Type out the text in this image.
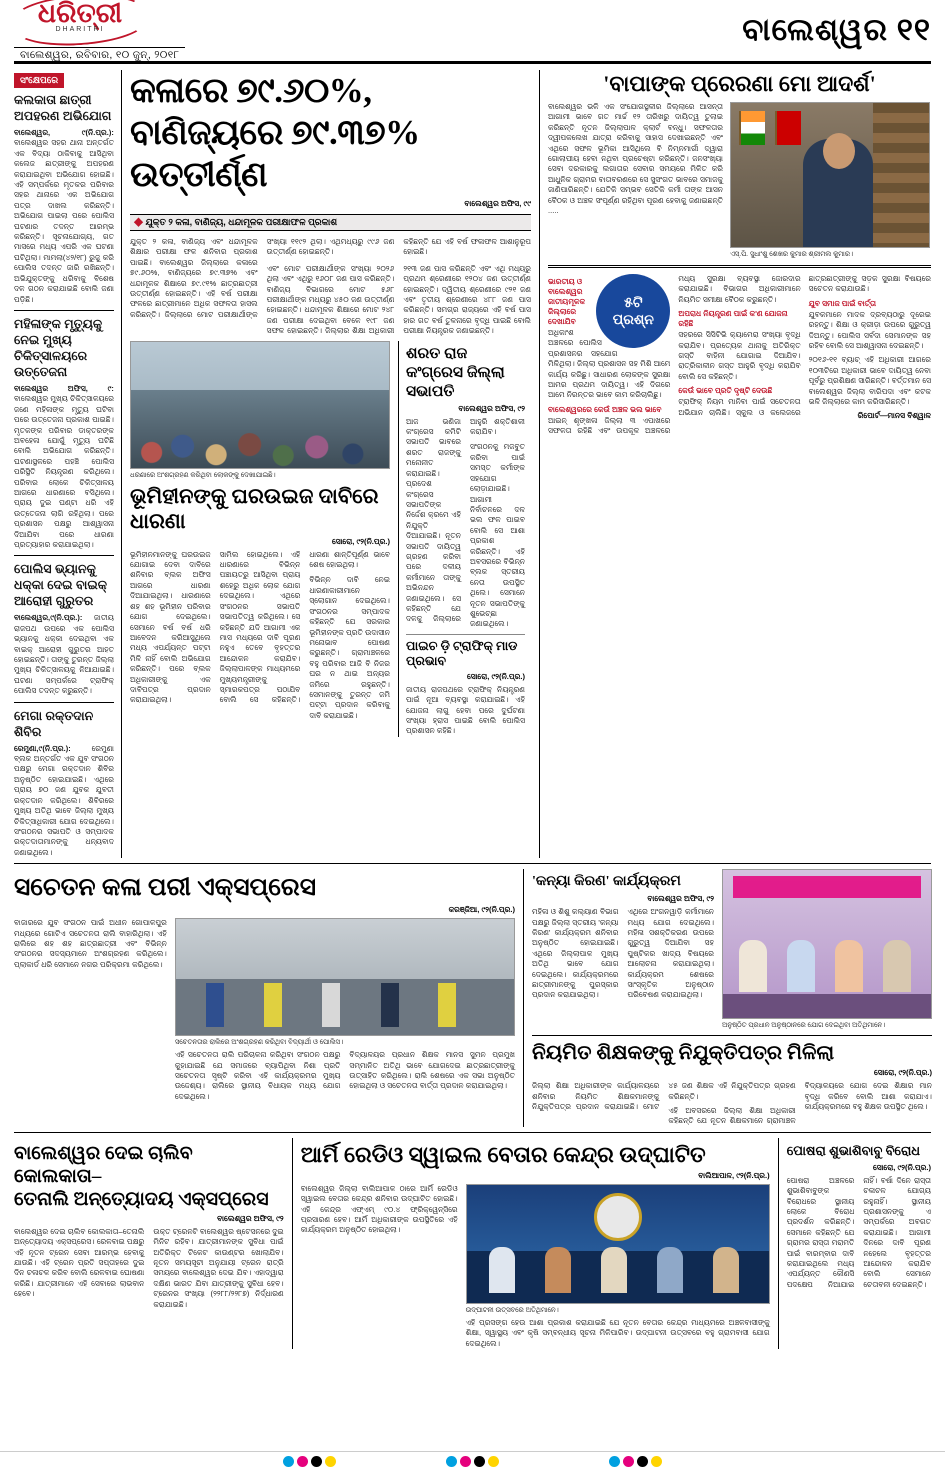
ଧରିତ୍ରୀ
DHARITRI
ବାଲେଶ୍ୱର, ରବିବାର, ୧୦ ଜୁନ୍‌, ୨୦୧୮
ବାଲେଶ୍ୱର ୧୧
ସଂକ୍ଷେପରେ
କଲକାତା ଛାତ୍ରୀ ଅପହରଣ ଅଭିଯୋଗ
ବାଲେଶ୍ୱର, ୯(ନି.ପ୍ର.): ବାଲେଶ୍ୱର ସହର ଥାନା ଅନ୍ତର୍ଗତ ଏକ ବିଦ୍ୟା ଠାକିବାକୁ ଆସିଥିବା କଲେଜ ଛାତ୍ରୀଙ୍କୁ ଅପହରଣ କରାଯାଇଥିବା ଅଭିଯୋଗ ହୋଇଛି। ଏହି ସମ୍ପର୍କରେ ମୃତକର ପରିବାର ସହର ଥାନାରେ ଏକ ଅଭିଯୋଗ ପତ୍ର ଦାଖଲ କରିଛନ୍ତି। ଅଭିଯୋଗ ପାଇଲା ପରେ ପୋଲିସ ଘଟଣାର ତଦନ୍ତ ଆରମ୍ଭ କରିଛନ୍ତି। ସୂଚନାଯୋଗ୍ୟ, ଗତ ମାସରେ ମଧ୍ୟ ଏପରି ଏକ ଘଟଣା ଘଟିଥିଲା। ମାମଲା(୪୨/୧୮) ରୁଜୁ କରି ପୋଲିସ ତଦନ୍ତ ଜାରି ରଖିଛନ୍ତି। ଅଭିଯୁକ୍ତଙ୍କୁ ଧରିବାକୁ ବିଶେଷ ଦଳ ଗଠନ କରାଯାଇଛି ବୋଲି ଜଣା ପଡ଼ିଛି।
ମହିଳାଙ୍କ ମୃତ୍ୟୁକୁ ନେଇ ମୁଖ୍ୟ ଚିକିତ୍ସାଳୟରେ ଉତ୍ତେଜନା
ବାଲେଶ୍ୱର ଅଫିସ, ୯: ବାଲେଶ୍ୱର ମୁଖ୍ୟ ଚିକିତ୍ସାଳୟରେ ଜଣେ ମହିଳାଙ୍କ ମୃତ୍ୟୁ ଘଟିବା ପରେ ଉତ୍ତେଜନା ପ୍ରକାଶ ପାଇଛି। ମୃତକଙ୍କ ପରିବାର ଡାକ୍ତରଙ୍କ ଅବହେଳା ଯୋଗୁଁ ମୃତ୍ୟୁ ଘଟିଛି ବୋଲି ଅଭିଯୋଗ କରିଛନ୍ତି। ଘଟଣାସ୍ଥଳରେ ପହଞ୍ଚି ପୋଲିସ ପରିସ୍ଥିତି ନିୟନ୍ତ୍ରଣ କରିଥିଲେ। ପରିବାର ଲୋକେ ଚିକିତ୍ସାଳୟ ଆଗରେ ଧାରଣାରେ ବସିଥିଲେ। ପ୍ରାୟ ଦୁଇ ଘଣ୍ଟା ଧରି ଏହି ଉତ୍ତେଜନା ଲାଗି ରହିଥିଲା। ପରେ ପ୍ରଶାସନ ପକ୍ଷରୁ ଆଶ୍ୱାସନା ଦିଆଯିବା ପରେ ଧାରଣା ପ୍ରତ୍ୟାହାର କରାଯାଇଥିଲା।
ପୋଲିସ ଭ୍ୟାନକୁ ଧକ୍କା ଦେଇ ବାଇକ୍‌ ଆରୋହୀ ଗୁରୁତର
ବାଲେଶ୍ୱର,୯(ନି.ପ୍ର.): ଜାତୀୟ ରାଜପଥ ଉପରେ ଏକ ପୋଲିସ ଭ୍ୟାନକୁ ଧକ୍କା ଦେଇଥିବା ଏକ ବାଇକ୍‌ ଆରୋହୀ ଗୁରୁତର ଆହତ ହୋଇଛନ୍ତି। ତାଙ୍କୁ ତୁରନ୍ତ ଜିଲ୍ଲା ମୁଖ୍ୟ ଚିକିତ୍ସାଳୟକୁ ନିଆଯାଇଛି। ଘଟଣା ସମ୍ପର୍କରେ ଟ୍ରାଫିକ୍‌ ପୋଲିସ ତଦନ୍ତ କରୁଛନ୍ତି।
ମେଗା ରକ୍ତଦାନ ଶିବିର
ରେମୁଣା,୯(ନି.ପ୍ର.):	ରେମୁଣା ବ୍ଲକ ଅନ୍ତର୍ଗତ ଏକ ଯୁବ ସଂଗଠନ ପକ୍ଷରୁ ମେଗା ରକ୍ତଦାନ ଶିବିର ଅନୁଷ୍ଠିତ ହୋଇଯାଇଛି। ଏଥିରେ ପ୍ରାୟ ୭୦ ଜଣ ଯୁବକ ଯୁବତୀ ରକ୍ତଦାନ କରିଥିଲେ। ଶିବିରରେ ମୁଖ୍ୟ ଅତିଥି ଭାବେ ଜିଲ୍ଲା ମୁଖ୍ୟ ଚିକିତ୍ସାଧିକାରୀ ଯୋଗ ଦେଇଥିଲେ। ସଂଗଠନର ସଭାପତି ଓ ସମ୍ପାଦକ ରକ୍ତଦାତାମାନଙ୍କୁ ଧନ୍ୟବାଦ ଜଣାଇଥିଲେ।
କଳାରେ ୭୯.୬୦%,
ବାଣିଜ୍ୟରେ ୭୯.୩୭% ଉତ୍ତୀର୍ଣ୍ଣ
ବାଲେଶ୍ୱର ଅଫିସ, ୯୯
◆ ଯୁକ୍ତ ୨ କଳା, ବାଣିଜ୍ୟ, ଧନ୍ଦାମୂଳକ ପରୀକ୍ଷାଫଳ ପ୍ରକାଶ

ଯୁକ୍ତ ୨ କଳା, ବାଣିଜ୍ୟ ଏବଂ ଧନ୍ଦାମୂଳକ ଶିକ୍ଷାର ପରୀକ୍ଷା ଫଳ ଶନିବାର ପ୍ରକାଶ ପାଇଛି। ବାଲେଶ୍ୱର ଜିଲ୍ଲାରେ କଳାରେ ୭୯.୬୦%, ବାଣିଜ୍ୟରେ ୭୯.୩୭% ଏବଂ ଧନ୍ଦାମୂଳକ ଶିକ୍ଷାରେ ୭୯.୯୧% ଛାତ୍ରଛାତ୍ରୀ ଉତ୍ତୀର୍ଣ୍ଣ ହୋଇଛନ୍ତି। ଏହି ବର୍ଷ ପରୀକ୍ଷା ଫଳରେ ଛାତ୍ରୀମାନେ ଅଧିକ ସଫଳତା ହାସଲ କରିଛନ୍ତି। ଜିଲ୍ଲାରେ ମୋଟ ପରୀକ୍ଷାର୍ଥୀଙ୍କ ସଂଖ୍ୟା ୧୧୯୨ ଥିଲା। ଏଥିମଧ୍ୟରୁ ୯୯୬ ଜଣ ଉତ୍ତୀର୍ଣ୍ଣ ହୋଇଛନ୍ତି।

ଏବଂ ମୋଟ ପରୀକ୍ଷାର୍ଥୀଙ୍କ ସଂଖ୍ୟା ୨୦୨୬ ଥିଲା ଏବଂ ଏଥିରୁ ୧୬୦୮ ଜଣ ପାସ କରିଛନ୍ତି। ବାଣିଜ୍ୟ ବିଭାଗରେ ମୋଟ ୫୬୮ ପରୀକ୍ଷାର୍ଥୀଙ୍କ ମଧ୍ୟରୁ ୪୫୦ ଜଣ ଉତ୍ତୀର୍ଣ୍ଣ ହୋଇଛନ୍ତି। ଧନ୍ଦାମୂଳକ ଶିକ୍ଷାରେ ମୋଟ ୨୪୮ ଜଣ ପରୀକ୍ଷା ଦେଇଥିବା ବେଳେ ୧୯୮ ଜଣ ସଫଳ ହୋଇଛନ୍ତି। ଜିଲ୍ଲାର ଶିକ୍ଷା ଅଧିକାରୀ କହିଛନ୍ତି ଯେ ଏହି ବର୍ଷ ଫଳାଫଳ ଆଶାନୁରୂପ ହୋଇଛି।

୨୧୩ ଜଣ ପାସ କରିଛନ୍ତି ଏବଂ ଏଥି ମଧ୍ୟରୁ ପ୍ରଥମ ଶ୍ରେଣୀରେ ୧୨୦୪ ଜଣ ଉତ୍ତୀର୍ଣ୍ଣ ହୋଇଛନ୍ତି। ଦ୍ୱିତୀୟ ଶ୍ରେଣୀରେ ୯୨୧ ଜଣ ଏବଂ ତୃତୀୟ ଶ୍ରେଣୀରେ ୪୮୮ ଜଣ ପାସ କରିଛନ୍ତି। ସମଗ୍ର ରାଜ୍ୟରେ ଏହି ବର୍ଷ ପାସ ହାର ଗତ ବର୍ଷ ତୁଳନାରେ ବୃଦ୍ଧି ପାଇଛି ବୋଲି ପରୀକ୍ଷା ନିୟନ୍ତ୍ରକ ଜଣାଇଛନ୍ତି।

ଧରଣାରେ ଅଂଶଗ୍ରହଣ କରିଥିବା ଲୋକଙ୍କୁ ଦେଖାଯାଇଛି।
ଭୂମିହୀନଙ୍କୁ ଘରଉଇଜ ଦାବିରେ ଧାରଣା
ସୋରୋ, ୯୨(ନି.ପ୍ର.)

ଭୂମିହୀନମାନଙ୍କୁ ଘରଉଇଜ ଯୋଗାଇ ଦେବା ଦାବିରେ ଶନିବାର ବ୍ଲକ ଅଫିସ ଆଗରେ ଧାରଣା ଦିଆଯାଇଥିଲା। ଧାରଣାରେ ଶହ ଶହ ଭୂମିହୀନ ପରିବାର ଯୋଗ ଦେଇଥିଲେ। ସେମାନେ ବର୍ଷ ବର୍ଷ ଧରି ଆବେଦନ କରିଆସୁଥିଲେ ମଧ୍ୟ ଏପର୍ଯ୍ୟନ୍ତ ପଟ୍ଟା ମିଳି ନାହିଁ ବୋଲି ଅଭିଯୋଗ କରିଛନ୍ତି। ପରେ ବ୍ଲକ ଅଧିକାରୀଙ୍କୁ ଏକ ଦାବିପତ୍ର ପ୍ରଦାନ କରାଯାଇଥିଲା।

ସାମିଲ ହୋଇଥିଲେ। ଏହି ଧାରଣାରେ ବିଭିନ୍ନ ପଞ୍ଚାୟତରୁ ଆସିଥିବା ପ୍ରାୟ ଶହେରୁ ଅଧିକ ଲୋକ ଯୋଗ ଦେଇଥିଲେ। ଏଥିରେ ସଂଗଠନର ସଭାପତି ସଭାପତିତ୍ୱ କରିଥିଲେ। ସେ କହିଛନ୍ତି ଯଦି ଆଗାମୀ ଏକ ମାସ ମଧ୍ୟରେ ଦାବି ପୂରଣ ନହୁଏ ତେବେ ବୃହତ୍ତର ଆନ୍ଦୋଳନ କରାଯିବ। ଜିଲ୍ଲାପାଳଙ୍କ ମାଧ୍ୟମରେ ମୁଖ୍ୟମନ୍ତ୍ରୀଙ୍କୁ ସ୍ମାରକପତ୍ର ପଠାଯିବ ବୋଲି ସେ କହିଛନ୍ତି। ଧାରଣା ଶାନ୍ତିପୂର୍ଣ୍ଣ ଭାବେ ଶେଷ ହୋଇଥିଲା।

ବିଭିନ୍ନ ଦାବି ନେଇ ଧାରଣାକାରୀମାନେ ସ୍ଲୋଗାନ ଦେଇଥିଲେ। ସଂଗଠନର ସମ୍ପାଦକ କହିଛନ୍ତି ଯେ ସରକାର ଭୂମିହୀନଙ୍କ ପ୍ରତି ଉଦାସୀନ ମନୋଭାବ ପୋଷଣ କରୁଛନ୍ତି। ଗ୍ରାମାଞ୍ଚଳରେ ବହୁ ପରିବାର ଆଜି ବି ନିଜର ଘର ନ ଥାଇ ଅନ୍ୟର ଜମିରେ ରହୁଛନ୍ତି। ସେମାନଙ୍କୁ ତୁରନ୍ତ ଜମି ପଟ୍ଟା ପ୍ରଦାନ କରିବାକୁ ଦାବି କରାଯାଇଛି।

ଶରତ ରାଜ କଂଗ୍ରେସ ଜିଲ୍ଲା ସଭାପତି
ବାଲେଶ୍ୱର ଅଫିସ, ୯୨

ଆଜ ଭଣିଜା କଂଗ୍ରେସ କମିଟି ସଭାପତି ଭାବରେ ଶରତ ରାଜଙ୍କୁ ମନୋନୀତ କରାଯାଇଛି। ପ୍ରଦେଶ କଂଗ୍ରେସ ସଭାପତିଙ୍କ ନିର୍ଦ୍ଦେଶ କ୍ରମେ ଏହି ନିଯୁକ୍ତି ଦିଆଯାଇଛି। ନୂତନ ସଭାପତି ଦାୟିତ୍ୱ ଗ୍ରହଣ କରିବା ପରେ ଦଳୀୟ କର୍ମୀମାନେ ତାଙ୍କୁ ଅଭିନନ୍ଦନ ଜଣାଇଥିଲେ। ସେ କହିଛନ୍ତି ଯେ ଦଳକୁ ଜିଲ୍ଲାରେ ଆହୁରି ଶକ୍ତିଶାଳୀ କରାଯିବ।

ସଂଗଠନକୁ ମଜବୁତ କରିବା ପାଇଁ ସମସ୍ତ କର୍ମୀଙ୍କ ସହଯୋଗ ଲୋଡ଼ାଯାଇଛି। ଆଗାମୀ ନିର୍ବାଚନରେ ଦଳ ଭଲ ଫଳ ପାଇବ ବୋଲି ସେ ଆଶା ପ୍ରକାଶ କରିଛନ୍ତି। ଏହି ଅବସରରେ ବିଭିନ୍ନ ବ୍ଲକ ସ୍ତରୀୟ ନେତା ଉପସ୍ଥିତ ଥିଲେ। ସେମାନେ ନୂତନ ସଭାପତିଙ୍କୁ ଶୁଭେଚ୍ଛା ଜଣାଇଥିଲେ।

ପାଇଚ ଡ଼ି ଟ୍ରାଫିକ୍‌ ମାଡ ପ୍ରଭାବ
ସୋରୋ, ୯୨(ନି.ପ୍ର.)

ଜାତୀୟ ରାଜପଥରେ ଟ୍ରାଫିକ୍‌ ନିୟନ୍ତ୍ରଣ ପାଇଁ ନୂଆ ବ୍ୟବସ୍ଥା କରାଯାଇଛି। ଏହି ଯୋଜନା ଲାଗୁ ହେବା ପରେ ଦୁର୍ଘଟଣା ସଂଖ୍ୟା ହ୍ରାସ ପାଇଛି ବୋଲି ପୋଲିସ ପ୍ରଶାସନ କହିଛି।

'ବାପାଙ୍କ ପ୍ରେରଣା ମୋ ଆଦର୍ଶ'

ବାଲେଶ୍ୱର ଭଳି ଏକ ସଂଯୋଗସ୍ଥଳୀର ଜିଲ୍ଲାରେ ଆସନ୍ତା ଆଗାମୀ ଭାବେ ଗତ ମାର୍ଚ୍ଚ ୧୨ ତାରିଖରୁ ଦାୟିତ୍ୱ ତୁଲାଇ କରିଛନ୍ତି ନୂତନ ଜିଲ୍ଲାପାଳ କ୍ଲାର୍ଟ ବନ୍ଧୁ। ସଫଳତାର ଦ୍ୱୀପକଲେଖ ଯାତ୍ରା କରିବାକୁ ସାହାସ ଦେଖାଇଛନ୍ତି ଏବଂ ଏଥିରେ ସଫଳ ଭୂମିକା ଆସିଥିଲେ ବି ନିମ୍ନମାର୍ଗୀ ଦ୍ୱାରା ଗୋଲାପୀୟ ହେବା ନଥିବା ପ୍ରଚେଷ୍ଟା କରିଛନ୍ତି। ଜନସଂଖ୍ୟା ସେବା ଦରକାରକୁ ଲଗାତାର ସେବାର ସମୟରେ ମିଳିତ କରି ଆଧୁନିକ ଗ୍ରାମର ବାତାବରଣରେ ସେ ସୁସଂଗତ ଭାବରେ ସମାଜକୁ ଜାଣିପାରିଛନ୍ତି। ଯେତିକି ସମ୍ଭବ ସେତିକି କର୍ମୀ ତାଙ୍କ ଆସନ ବୈଠକ ଓ ଅଞ୍ଚଳ ସଂପୂର୍ଣ୍ଣ ରହିଥିବା ପୂରଣ ହେବାକୁ ଜଣାଇଛନ୍ତି .....

ଏସ୍‌.ପି. ସୁଧାଂଶୁ ଶେଖର କୁମାର ଶ୍ରୀମଲ କୁମାର।
୫ଟି
ପ୍ରଶ୍ନ
ଭାରତୀୟ ଓ ବାଲେଶ୍ୱର ଜାତୀୟମୂଳକ ଜିଲ୍ଲାରେ ଦେଖାଯିବ

ଅଧିକାଂଶ ଅଞ୍ଚଳରେ ପୋଲିସ ପ୍ରଶାସନର ସହଯୋଗ ମିଳିଥିଲା। ଜିଲ୍ଲା ପ୍ରଶାସନ ସହ ମିଶି ଆମେ କାର୍ଯ୍ୟ କରିଛୁ। ସାଧାରଣ ଲୋକଙ୍କ ସୁରକ୍ଷା ଆମର ପ୍ରଥମ ଦାୟିତ୍ୱ। ଏହି ଦିଗରେ ଆମେ ନିରନ୍ତର ଭାବେ କାମ କରିଚାଲିଛୁ।

ବାଲେଶ୍ୱରରେ କେଉଁ ଅଞ୍ଚଳ ଭଲ ଭାବେ

ଆଇନ୍‌ ଶୃଙ୍ଖଳା ଜିଲ୍ଲା ୩ ଏପାଖରେ ସଫଳତା ରହିଛି ଏବଂ ଉପକୂଳ ଅଞ୍ଚଳରେ ମଧ୍ୟ ସୁରକ୍ଷା ବ୍ୟବସ୍ଥା ଜୋରଦାର କରାଯାଇଛି। ବିଭାଗର ଅଧିକାରୀମାନେ ନିୟମିତ ସମୀକ୍ଷା ବୈଠକ କରୁଛନ୍ତି।

ଅପରାଧ ନିୟନ୍ତ୍ରଣ ପାଇଁ କ'ଣ ଯୋଜନା ରହିଛି

ସହରରେ ସିସିଟିଭି କ୍ୟାମେରା ସଂଖ୍ୟା ବୃଦ୍ଧି କରାଯିବ। ପ୍ରତ୍ୟେକ ଥାନାକୁ ଅତିରିକ୍ତ ଗସ୍ତି ବାହିନୀ ଯୋଗାଇ ଦିଆଯିବ। ରାତ୍ରିକାଳୀନ ଗସ୍ତ ଆହୁରି ବୃଦ୍ଧି କରାଯିବ ବୋଲି ସେ କହିଛନ୍ତି।

କେଉଁ ଭାବେ ପ୍ରତି ଦୃଷ୍ଟି ଦେଉଛି

ଟ୍ରାଫିକ୍‌ ନିୟମ ମାନିବା ପାଇଁ ସଚେତନତା ଅଭିଯାନ ଚାଲିଛି। ସ୍କୁଲ ଓ କଲେଜରେ ଛାତ୍ରଛାତ୍ରୀଙ୍କୁ ସଡ଼କ ସୁରକ୍ଷା ବିଷୟରେ ସଚେତନ କରାଯାଉଛି।

ଯୁବ ସମାଜ ପାଇଁ ବାର୍ତ୍ତା

ଯୁବକମାନେ ମାଦକ ଦ୍ରବ୍ୟଠାରୁ ଦୂରେଇ ରହନ୍ତୁ। ଶିକ୍ଷା ଓ କ୍ରୀଡ଼ା ଉପରେ ଗୁରୁତ୍ୱ ଦିଅନ୍ତୁ। ପୋଲିସ ସର୍ବଦା ସେମାନଙ୍କ ସହ ରହିବ ବୋଲି ସେ ଆଶ୍ୱାସନା ଦେଇଛନ୍ତି।

୨୦୧୬-୧୧ ବ୍ୟାଚ୍‌ ଏହି ଅଧିକାରୀ ଆଗରେ ୧୦୩ଟିରେ ଅଧିକାରୀ ଭାବେ ଦାୟିତ୍ୱ ନେବା ପୂର୍ବରୁ ପ୍ରଶିକ୍ଷଣ ସାରିଛନ୍ତି। ବର୍ତ୍ତମାନ ସେ ବାଲେଶ୍ୱର ଜିଲ୍ଲା ବାରିପଦା ଏବଂ କଟକ ଭଳି ଜିଲ୍ଲାରେ କାମ କରିସାରିଛନ୍ତି।

ରିପୋର୍ଟ—ମାନସ ବିଶ୍ୱାଳ
ସଚେତନ କଳା ପରୀ ଏକ୍ସପ୍ରେସ
କରଞ୍ଜିଆ, ୯୨(ନି.ପ୍ର.)

ବାଜାରରେ ଯୁବ ସଂଗଠନ ପାଇଁ ଅଧୀନ ଗୋପାଳପୁର ମଧ୍ୟରେ ଗୋଟିଏ ସଚେତନତା ରାଲି ବାହାରିଥିଲା। ଏହି ରାଲିରେ ଶହ ଶହ ଛାତ୍ରଛାତ୍ରୀ ଏବଂ ବିଭିନ୍ନ ସଂଗଠନର ସଦସ୍ୟମାନେ ଅଂଶଗ୍ରହଣ କରିଥିଲେ। ପ୍ଲାକାର୍ଡ ଧରି ସେମାନେ ନଗର ପରିକ୍ରମା କରିଥିଲେ।

ସଚେତନତାର ରାଲିରେ ଅଂଶଗ୍ରହଣ କରିଥିବା ବିଦ୍ୟାର୍ଥୀ ଓ ପୋଲିସ।

ଏହି ସଚେତନତା ରାଲି ପରିଚାଳନା କରିଥିବା ସଂଗଠନ ପକ୍ଷରୁ କୁହାଯାଇଛି ଯେ ସମାଜରେ ବ୍ୟାପିଥିବା ନିଶା ପ୍ରତି ସଚେତନତା ସୃଷ୍ଟି କରିବା ଏହି କାର୍ଯ୍ୟକ୍ରମର ମୁଖ୍ୟ ଉଦ୍ଦେଶ୍ୟ। ରାଲିରେ ସ୍ଥାନୀୟ ବିଧାୟକ ମଧ୍ୟ ଯୋଗ ଦେଇଥିଲେ।

ବିଦ୍ୟାଳୟର ପ୍ରଧାନ ଶିକ୍ଷକ ମାନସ ସୁମନ ପ୍ରମୁଖ ସମ୍ମାନିତ ଅତିଥି ଭାବେ ଯୋଗଦେଇ ଛାତ୍ରଛାତ୍ରୀଙ୍କୁ ଉତ୍ସାହିତ କରିଥିଲେ। ରାଲି ଶେଷରେ ଏକ ସଭା ଅନୁଷ୍ଠିତ ହୋଇଥିଲା ଓ ସଚେତନତା ବାର୍ତ୍ତା ପ୍ରଦାନ କରାଯାଇଥିଲା।

'କନ୍ୟା କିରଣ' କାର୍ଯ୍ୟକ୍ରମ
ବାଲେଶ୍ୱର ଅଫିସ, ୯୨

ମହିଳା ଓ ଶିଶୁ କଲ୍ୟାଣ ବିଭାଗ ପକ୍ଷରୁ ଜିଲ୍ଲା ସ୍ତରୀୟ 'କନ୍ୟା କିରଣ' କାର୍ଯ୍ୟକ୍ରମ ଶନିବାର ଅନୁଷ୍ଠିତ ହୋଇଯାଇଛି। ଏଥିରେ ଜିଲ୍ଲାପାଳ ମୁଖ୍ୟ ଅତିଥି ଭାବେ ଯୋଗ ଦେଇଥିଲେ। କାର୍ଯ୍ୟକ୍ରମରେ ଛାତ୍ରୀମାନଙ୍କୁ ପୁରସ୍କାର ପ୍ରଦାନ କରାଯାଇଥିଲା।

ଏଥିରେ ଅଂଗନୱାଡ଼ି କର୍ମୀମାନେ ମଧ୍ୟ ଯୋଗ ଦେଇଥିଲେ। ମହିଳା ସଶକ୍ତିକରଣ ଉପରେ ଗୁରୁତ୍ୱ ଦିଆଯିବା ସହ ପୁଷ୍ଟିକର ଖାଦ୍ୟ ବିଷୟରେ ଆଲୋଚନା କରାଯାଇଥିଲା। କାର୍ଯ୍ୟକ୍ରମ ଶେଷରେ ସାଂସ୍କୃତିକ ଅନୁଷ୍ଠାନ ପରିବେଷଣ କରାଯାଇଥିଲା।

ଅନୁଷ୍ଠିତ ପ୍ରଧାନ ଅନୁଷ୍ଠାନରେ ଯୋଗ ଦେଇଥିବା ଅତିଥିମାନେ।
ନିୟମିତ ଶିକ୍ଷକଙ୍କୁ ନିଯୁକ୍ତିପତ୍ର ମିଳିଲା
ସୋରୋ, ୯୨(ନି.ପ୍ର.)

ଜିଲ୍ଲା ଶିକ୍ଷା ଅଧିକାରୀଙ୍କ କାର୍ଯ୍ୟାଳୟରେ ଶନିବାର ନିୟମିତ ଶିକ୍ଷକମାନଙ୍କୁ ନିଯୁକ୍ତିପତ୍ର ପ୍ରଦାନ କରାଯାଇଛି। ମୋଟ ୪୫ ଜଣ ଶିକ୍ଷକ ଏହି ନିଯୁକ୍ତିପତ୍ର ଗ୍ରହଣ କରିଛନ୍ତି।

ଏହି ଅବସରରେ ଜିଲ୍ଲା ଶିକ୍ଷା ଅଧିକାରୀ କହିଛନ୍ତି ଯେ ନୂତନ ଶିକ୍ଷକମାନେ ଗ୍ରାମାଞ୍ଚଳ ବିଦ୍ୟାଳୟରେ ଯୋଗ ଦେଇ ଶିକ୍ଷାର ମାନ ବୃଦ୍ଧି କରିବେ ବୋଲି ଆଶା କରାଯାଏ। କାର୍ଯ୍ୟକ୍ରମରେ ବହୁ ଶିକ୍ଷକ ଉପସ୍ଥିତ ଥିଲେ।

ବାଲେଶ୍ୱର ଦେଇ ଚାଲିବ କୋଲକାତା–
ତେନାଲି ଅନ୍ତ୍ୟୋଦୟ ଏକ୍ସପ୍ରେସ
ବାଲେଶ୍ୱର ଅଫିସ, ୯୨

ବାଲେଶ୍ୱର ଦେଇ ଚାଲିବ କୋଲକାତା–ତେନାଲି ଅନ୍ତ୍ୟୋଦୟ ଏକ୍ସପ୍ରେସ। ରେଳବାଇ ପକ୍ଷରୁ ଏହି ନୂତନ ଟ୍ରେନ ସେବା ଆରମ୍ଭ ହେବାକୁ ଯାଉଛି। ଏହି ଟ୍ରେନ ପ୍ରତି ସପ୍ତାହରେ ଦୁଇ ଦିନ ଚଳାଚଳ କରିବ ବୋଲି ରେଳବାଇ ଘୋଷଣା କରିଛି। ଯାତ୍ରୀମାନେ ଏହି ସେବାରେ ଲାଭବାନ ହେବେ।

ଉକ୍ତ ଟ୍ରେନଟି ବାଲେଶ୍ୱର ଷ୍ଟେସନରେ ଦୁଇ ମିନିଟ ରହିବ। ଯାତ୍ରୀମାନଙ୍କ ସୁବିଧା ପାଇଁ ଅତିରିକ୍ତ ଟିକେଟ କାଉଣ୍ଟର ଖୋଲାଯିବ। ନୂତନ ସମୟସୂଚୀ ଅନୁଯାୟୀ ଟ୍ରେନ ରାତ୍ରି ସମୟରେ ବାଲେଶ୍ୱର ଦେଇ ଯିବ। ଏହାଦ୍ୱାରା ଦକ୍ଷିଣ ଭାରତ ଯିବା ଯାତ୍ରୀଙ୍କୁ ସୁବିଧା ହେବ। ଟ୍ରେନର ସଂଖ୍ୟା (୨୨୮୮/୨୨୮୭) ନିର୍ଦ୍ଧାରଣ କରାଯାଇଛି।

ଆର୍ମି ରେଡିଓ ସ୍ୱାଇଲ ବେତାର କେନ୍ଦ୍ର ଉଦ୍‌ଘାଟିତ
ବାଲିଆପାଳ, ୯୨(ନି.ପ୍ର.)

ବାଲେଶ୍ୱର ଜିଲ୍ଲା ବାଲିଆପାଳ ଠାରେ ଆର୍ମି ରେଡିଓ ସ୍ୱାଇଲ ବେତାର କେନ୍ଦ୍ର ଶନିବାର ଉଦ୍‌ଘାଟିତ ହୋଇଛି। ଏହି କେନ୍ଦ୍ର ଏଫ୍‌ଏମ୍‌ ୯୦.୪ ଫ୍ରିକ୍ୱେନ୍ସିରେ ପ୍ରସାରଣ ହେବ। ଆର୍ମି ଅଧିକାରୀଙ୍କ ଉପସ୍ଥିତିରେ ଏହି କାର୍ଯ୍ୟକ୍ରମ ଅନୁଷ୍ଠିତ ହୋଇଥିଲା।

ଉଦ୍‌ଘାଟନୀ ଉତ୍ସବରେ ଅତିଥିମାନେ।

ଏହି ପ୍ରସଙ୍ଗ ହେଉ ଆଶା ପ୍ରକାଶ କରାଯାଇଛି ଯେ ନୂତନ ବେତାର କେନ୍ଦ୍ର ମାଧ୍ୟମରେ ଅଞ୍ଚଳବାସୀଙ୍କୁ ଶିକ୍ଷା, ସ୍ୱାସ୍ଥ୍ୟ ଏବଂ କୃଷି ସମ୍ବନ୍ଧୀୟ ସୂଚନା ମିଳିପାରିବ। ଉଦ୍‌ଘାଟନୀ ଉତ୍ସବରେ ବହୁ ଗ୍ରାମବାସୀ ଯୋଗ ଦେଇଥିଲେ।

ପୋଷରା ଶୁଭାଶିବାବୁ ବିରୋଧ
ସୋରୋ, ୯୨(ନି.ପ୍ର.)

ପୋଷରା ଅଞ୍ଚଳରେ ଶୁଭାଶିବାବୁଙ୍କ ବିରୋଧରେ ସ୍ଥାନୀୟ ଲୋକେ ବିରୋଧ ପ୍ରଦର୍ଶନ କରିଛନ୍ତି। ସେମାନେ କହିଛନ୍ତି ଯେ ଗ୍ରାମର ରାସ୍ତା ମରାମତି ପାଇଁ ବାରମ୍ବାର ଦାବି କରାଯାଇଥିଲେ ମଧ୍ୟ ଏପର୍ଯ୍ୟନ୍ତ କୌଣସି ପଦକ୍ଷେପ ନିଆଯାଇ ନାହିଁ। ବର୍ଷା ଦିନେ ରାସ୍ତା ଚଳାଚଳ ଯୋଗ୍ୟ ରହୁନାହିଁ। ସ୍ଥାନୀୟ ପ୍ରଶାସନଙ୍କୁ ଏ ସମ୍ପର୍କରେ ଅବଗତ କରାଯାଇଛି। ଆଗାମୀ ଦିନରେ ଦାବି ପୂରଣ ନହେଲେ ବୃହତ୍ତର ଆନ୍ଦୋଳନ କରାଯିବ ବୋଲି ସେମାନେ ଚେତାବନୀ ଦେଇଛନ୍ତି।
